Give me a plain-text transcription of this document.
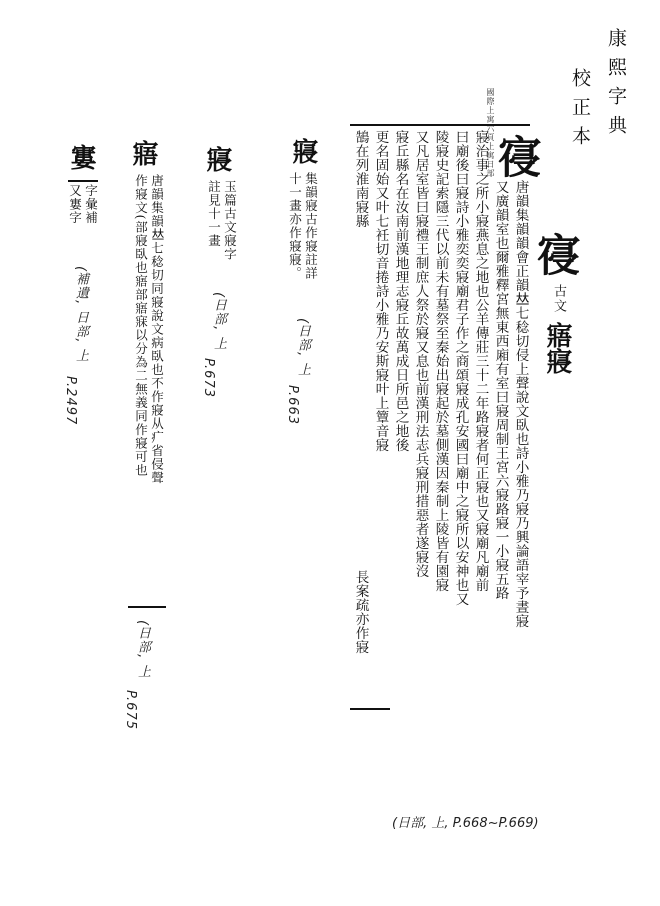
康熙字典
校正本
寑
古文
寤寢
國際上寓六頁上寓日部
寑
唐韻集韻韻會正韻𠀤七稔切侵上聲說文臥也詩小雅乃寢乃興論語宰予晝寢
又廣韻室也爾雅釋宮無東西廂有室曰寢周制王宮六寢路寢一小寢五路
寢治事之所小寢燕息之地也公羊傳莊三十二年路寢者何正寢也又寢廟凡廟前
曰廟後曰寢詩小雅奕奕寢廟君子作之商頌寢成孔安國曰廟中之寢所以安神也又
陵寢史記索隱三代以前未有墓祭至秦始出寢起於墓側漢因秦制上陵皆有園寢
又凡居室皆曰寢禮王制庶人祭於寢又息也前漢刑法志兵寢刑措惡者遂寢沒
寢丘縣名在汝南前漢地理志寢丘故萬成日所邑之地後
更名固始又叶七衽切音捲詩小雅乃安斯寢叶上簟音寢
長案疏亦作寢
鵠在列淮南寢縣
(日部, 上, P.668~P.669)
寢
集韻寢古作寢註詳
十一畫亦作寢寢。
(日部, 上
P.663
寢
玉篇古文寢字
註見十一畫
(日部, 上
P.673
寤
唐韻集韻𠀤七稔切同寢說文病臥也不作寢从疒省侵聲
作寢文(部寢臥也寤部寤寐以分為二無義同作寢可也
(日部, 上
P.675
寠
字彙補
又寠字
(補遺, 日部, 上
P.2497
